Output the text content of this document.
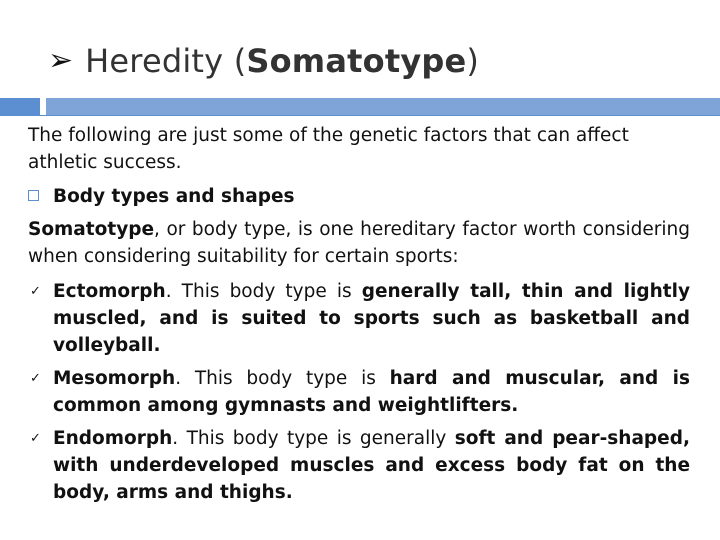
➢ Heredity (Somatotype)

The following are just some of the genetic factors that can affect athletic success.

Body types and shapes

Somatotype, or body type, is one hereditary factor worth considering when considering suitability for certain sports:

✓ Ectomorph. This body type is generally tall, thin and lightly muscled, and is suited to sports such as basketball and volleyball.
✓ Mesomorph. This body type is hard and muscular, and is common among gymnasts and weightlifters.
✓ Endomorph. This body type is generally soft and pear-shaped, with underdeveloped muscles and excess body fat on the body, arms and thighs.
